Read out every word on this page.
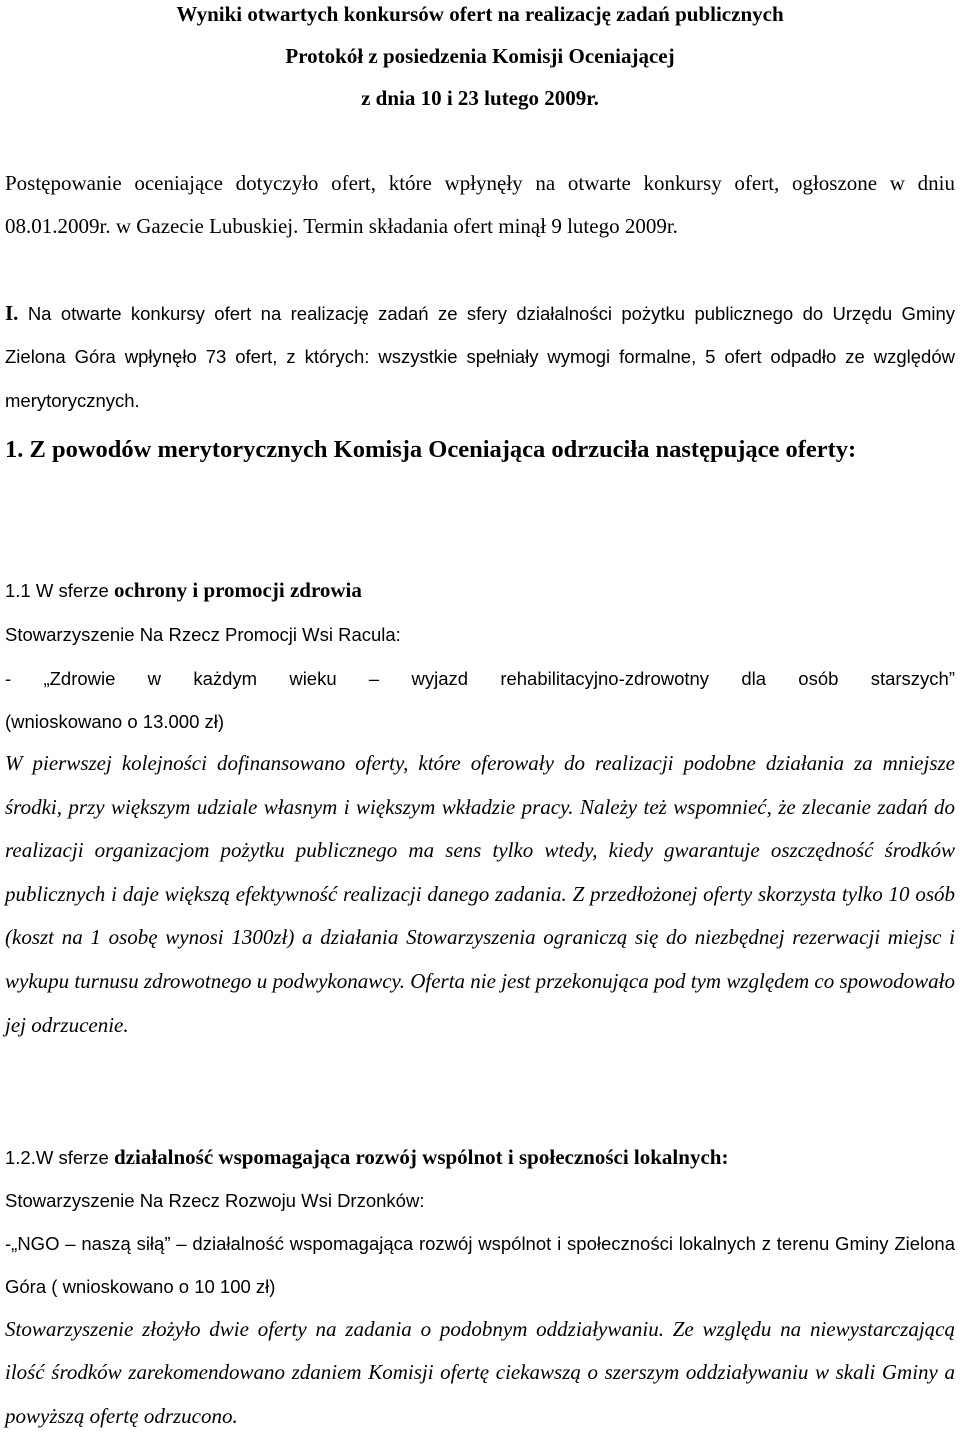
Wyniki otwartych konkursów ofert na realizację zadań publicznych
Protokół z posiedzenia Komisji Oceniającej
z dnia 10 i 23 lutego 2009r.

Postępowanie oceniające dotyczyło ofert, które wpłynęły na otwarte konkursy ofert, ogłoszone w dniu 08.01.2009r. w Gazecie Lubuskiej. Termin składania ofert minął 9 lutego 2009r.

I. Na otwarte konkursy ofert na realizację zadań ze sfery działalności pożytku publicznego do Urzędu Gminy Zielona Góra wpłynęło 73 ofert, z których: wszystkie spełniały wymogi formalne, 5 ofert odpadło ze względów merytorycznych.

1. Z powodów merytorycznych Komisja Oceniająca odrzuciła następujące oferty:

1.1 W sferze ochrony i promocji zdrowia

Stowarzyszenie Na Rzecz Promocji Wsi Racula:

- „Zdrowie w każdym wieku – wyjazd rehabilitacyjno-zdrowotny dla osób starszych”

(wnioskowano o 13.000 zł)

W pierwszej kolejności dofinansowano oferty, które oferowały do realizacji podobne działania za mniejsze środki, przy większym udziale własnym i większym wkładzie pracy. Należy też wspomnieć, że zlecanie zadań do realizacji organizacjom pożytku publicznego ma sens tylko wtedy, kiedy gwarantuje oszczędność środków publicznych i daje większą efektywność realizacji danego zadania. Z przedłożonej oferty skorzysta tylko 10 osób (koszt na 1 osobę wynosi 1300zł) a działania Stowarzyszenia ograniczą się do niezbędnej rezerwacji miejsc i wykupu turnusu zdrowotnego u podwykonawcy. Oferta nie jest przekonująca pod tym względem co spowodowało jej odrzucenie.

1.2.W sferze działalność wspomagająca rozwój wspólnot i społeczności lokalnych:

Stowarzyszenie Na Rzecz Rozwoju Wsi Drzonków:

-„NGO – naszą siłą” – działalność wspomagająca rozwój wspólnot i społeczności lokalnych z terenu Gminy Zielona Góra ( wnioskowano o 10 100 zł)

Stowarzyszenie złożyło dwie oferty na zadania o podobnym oddziaływaniu. Ze względu na niewystarczającą ilość środków zarekomendowano zdaniem Komisji ofertę ciekawszą o szerszym oddziaływaniu w skali Gminy a powyższą ofertę odrzucono.
